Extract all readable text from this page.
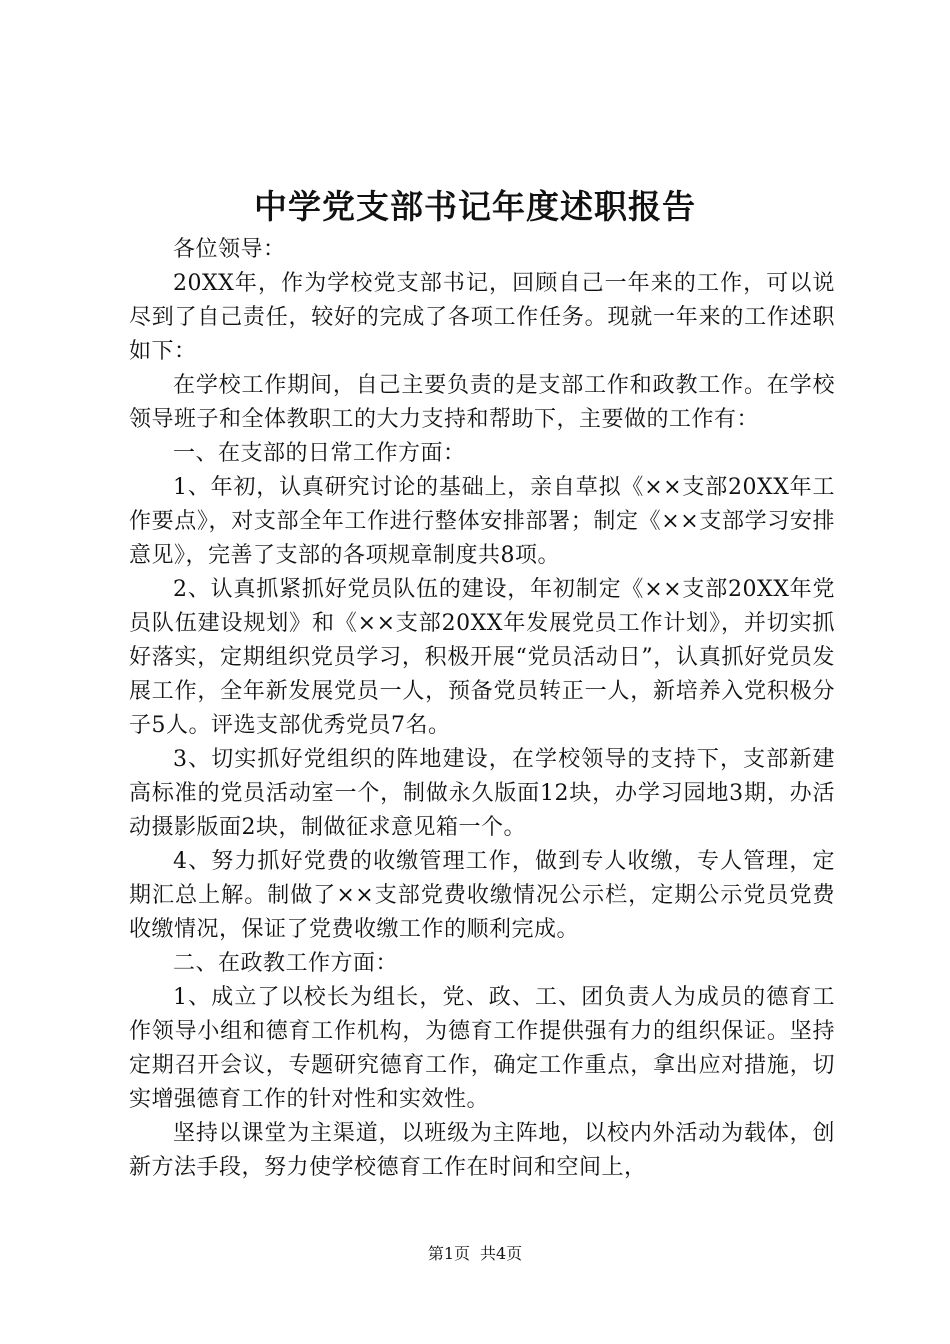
中学党支部书记年度述职报告

各位领导：

20XX年，作为学校党支部书记，回顾自己一年来的工作，可以说尽到了自己责任，较好的完成了各项工作任务。现就一年来的工作述职如下：

在学校工作期间，自己主要负责的是支部工作和政教工作。在学校领导班子和全体教职工的大力支持和帮助下，主要做的工作有：

一、在支部的日常工作方面：

1、年初，认真研究讨论的基础上，亲自草拟《××支部20XX年工作要点》，对支部全年工作进行整体安排部署；制定《××支部学习安排意见》，完善了支部的各项规章制度共8项。

2、认真抓紧抓好党员队伍的建设，年初制定《××支部20XX年党员队伍建设规划》和《××支部20XX年发展党员工作计划》，并切实抓好落实，定期组织党员学习，积极开展“党员活动日”，认真抓好党员发展工作，全年新发展党员一人，预备党员转正一人，新培养入党积极分子5人。评选支部优秀党员7名。

3、切实抓好党组织的阵地建设，在学校领导的支持下，支部新建高标准的党员活动室一个，制做永久版面12块，办学习园地3期，办活动摄影版面2块，制做征求意见箱一个。

4、努力抓好党费的收缴管理工作，做到专人收缴，专人管理，定期汇总上解。制做了××支部党费收缴情况公示栏，定期公示党员党费收缴情况，保证了党费收缴工作的顺利完成。

二、在政教工作方面：

1、成立了以校长为组长，党、政、工、团负责人为成员的德育工作领导小组和德育工作机构，为德育工作提供强有力的组织保证。坚持定期召开会议，专题研究德育工作，确定工作重点，拿出应对措施，切实增强德育工作的针对性和实效性。

坚持以课堂为主渠道，以班级为主阵地，以校内外活动为载体，创新方法手段，努力使学校德育工作在时间和空间上，

第1页 共4页
